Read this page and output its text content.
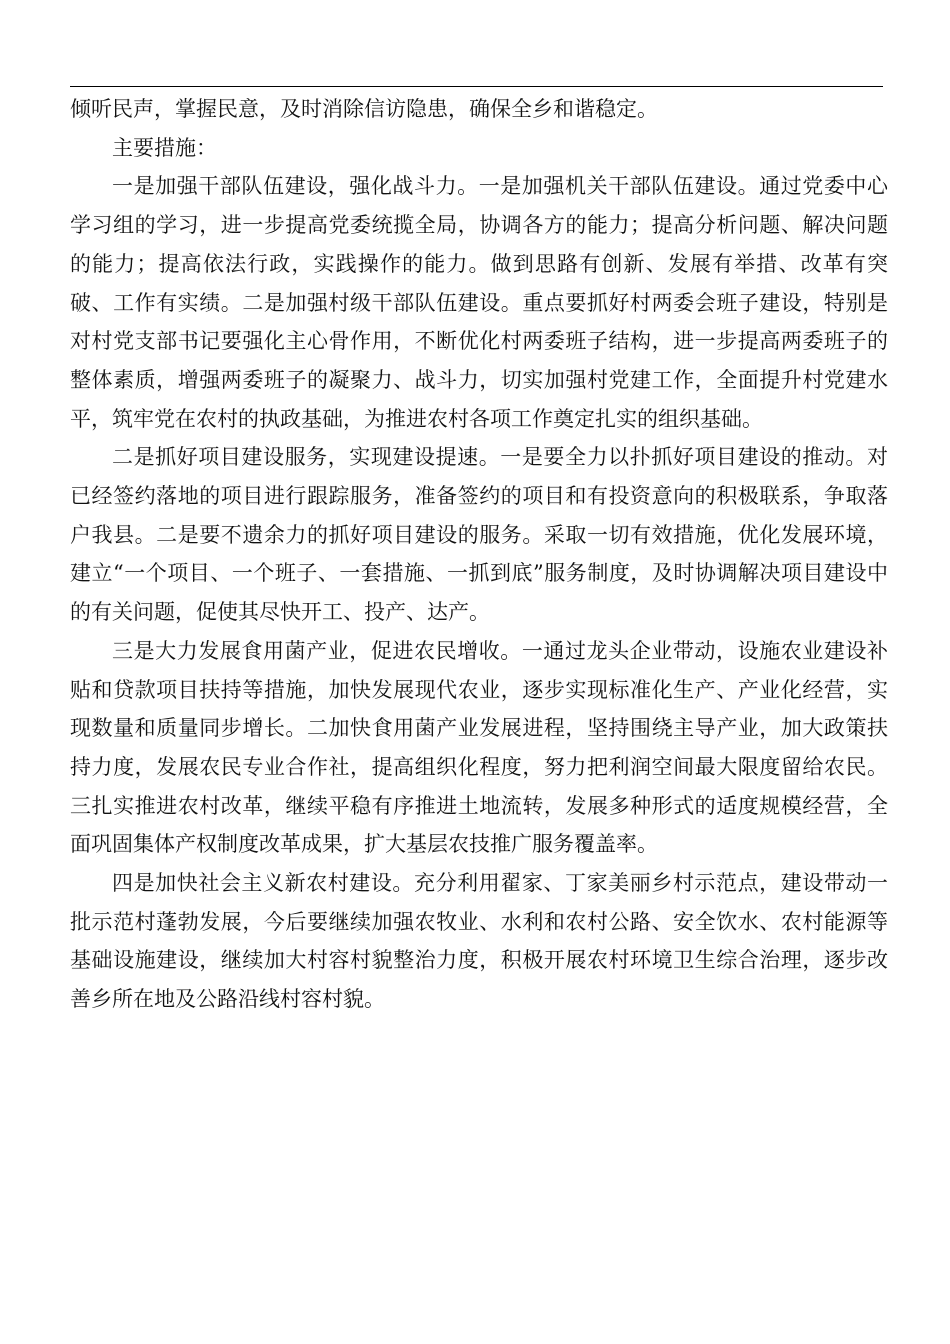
倾听民声，掌握民意，及时消除信访隐患，确保全乡和谐稳定。

主要措施：

一是加强干部队伍建设，强化战斗力。一是加强机关干部队伍建设。通过党委中心学习组的学习，进一步提高党委统揽全局，协调各方的能力；提高分析问题、解决问题的能力；提高依法行政，实践操作的能力。做到思路有创新、发展有举措、改革有突破、工作有实绩。二是加强村级干部队伍建设。重点要抓好村两委会班子建设，特别是对村党支部书记要强化主心骨作用，不断优化村两委班子结构，进一步提高两委班子的整体素质，增强两委班子的凝聚力、战斗力，切实加强村党建工作，全面提升村党建水平，筑牢党在农村的执政基础，为推进农村各项工作奠定扎实的组织基础。

二是抓好项目建设服务，实现建设提速。一是要全力以扑抓好项目建设的推动。对已经签约落地的项目进行跟踪服务，准备签约的项目和有投资意向的积极联系，争取落户我县。二是要不遗余力的抓好项目建设的服务。采取一切有效措施，优化发展环境，建立“一个项目、一个班子、一套措施、一抓到底”服务制度，及时协调解决项目建设中的有关问题，促使其尽快开工、投产、达产。

三是大力发展食用菌产业，促进农民增收。一通过龙头企业带动，设施农业建设补贴和贷款项目扶持等措施，加快发展现代农业，逐步实现标准化生产、产业化经营，实现数量和质量同步增长。二加快食用菌产业发展进程，坚持围绕主导产业，加大政策扶持力度，发展农民专业合作社，提高组织化程度，努力把利润空间最大限度留给农民。三扎实推进农村改革，继续平稳有序推进土地流转，发展多种形式的适度规模经营，全面巩固集体产权制度改革成果，扩大基层农技推广服务覆盖率。

四是加快社会主义新农村建设。充分利用翟家、丁家美丽乡村示范点，建设带动一批示范村蓬勃发展，今后要继续加强农牧业、水利和农村公路、安全饮水、农村能源等基础设施建设，继续加大村容村貌整治力度，积极开展农村环境卫生综合治理，逐步改善乡所在地及公路沿线村容村貌。
